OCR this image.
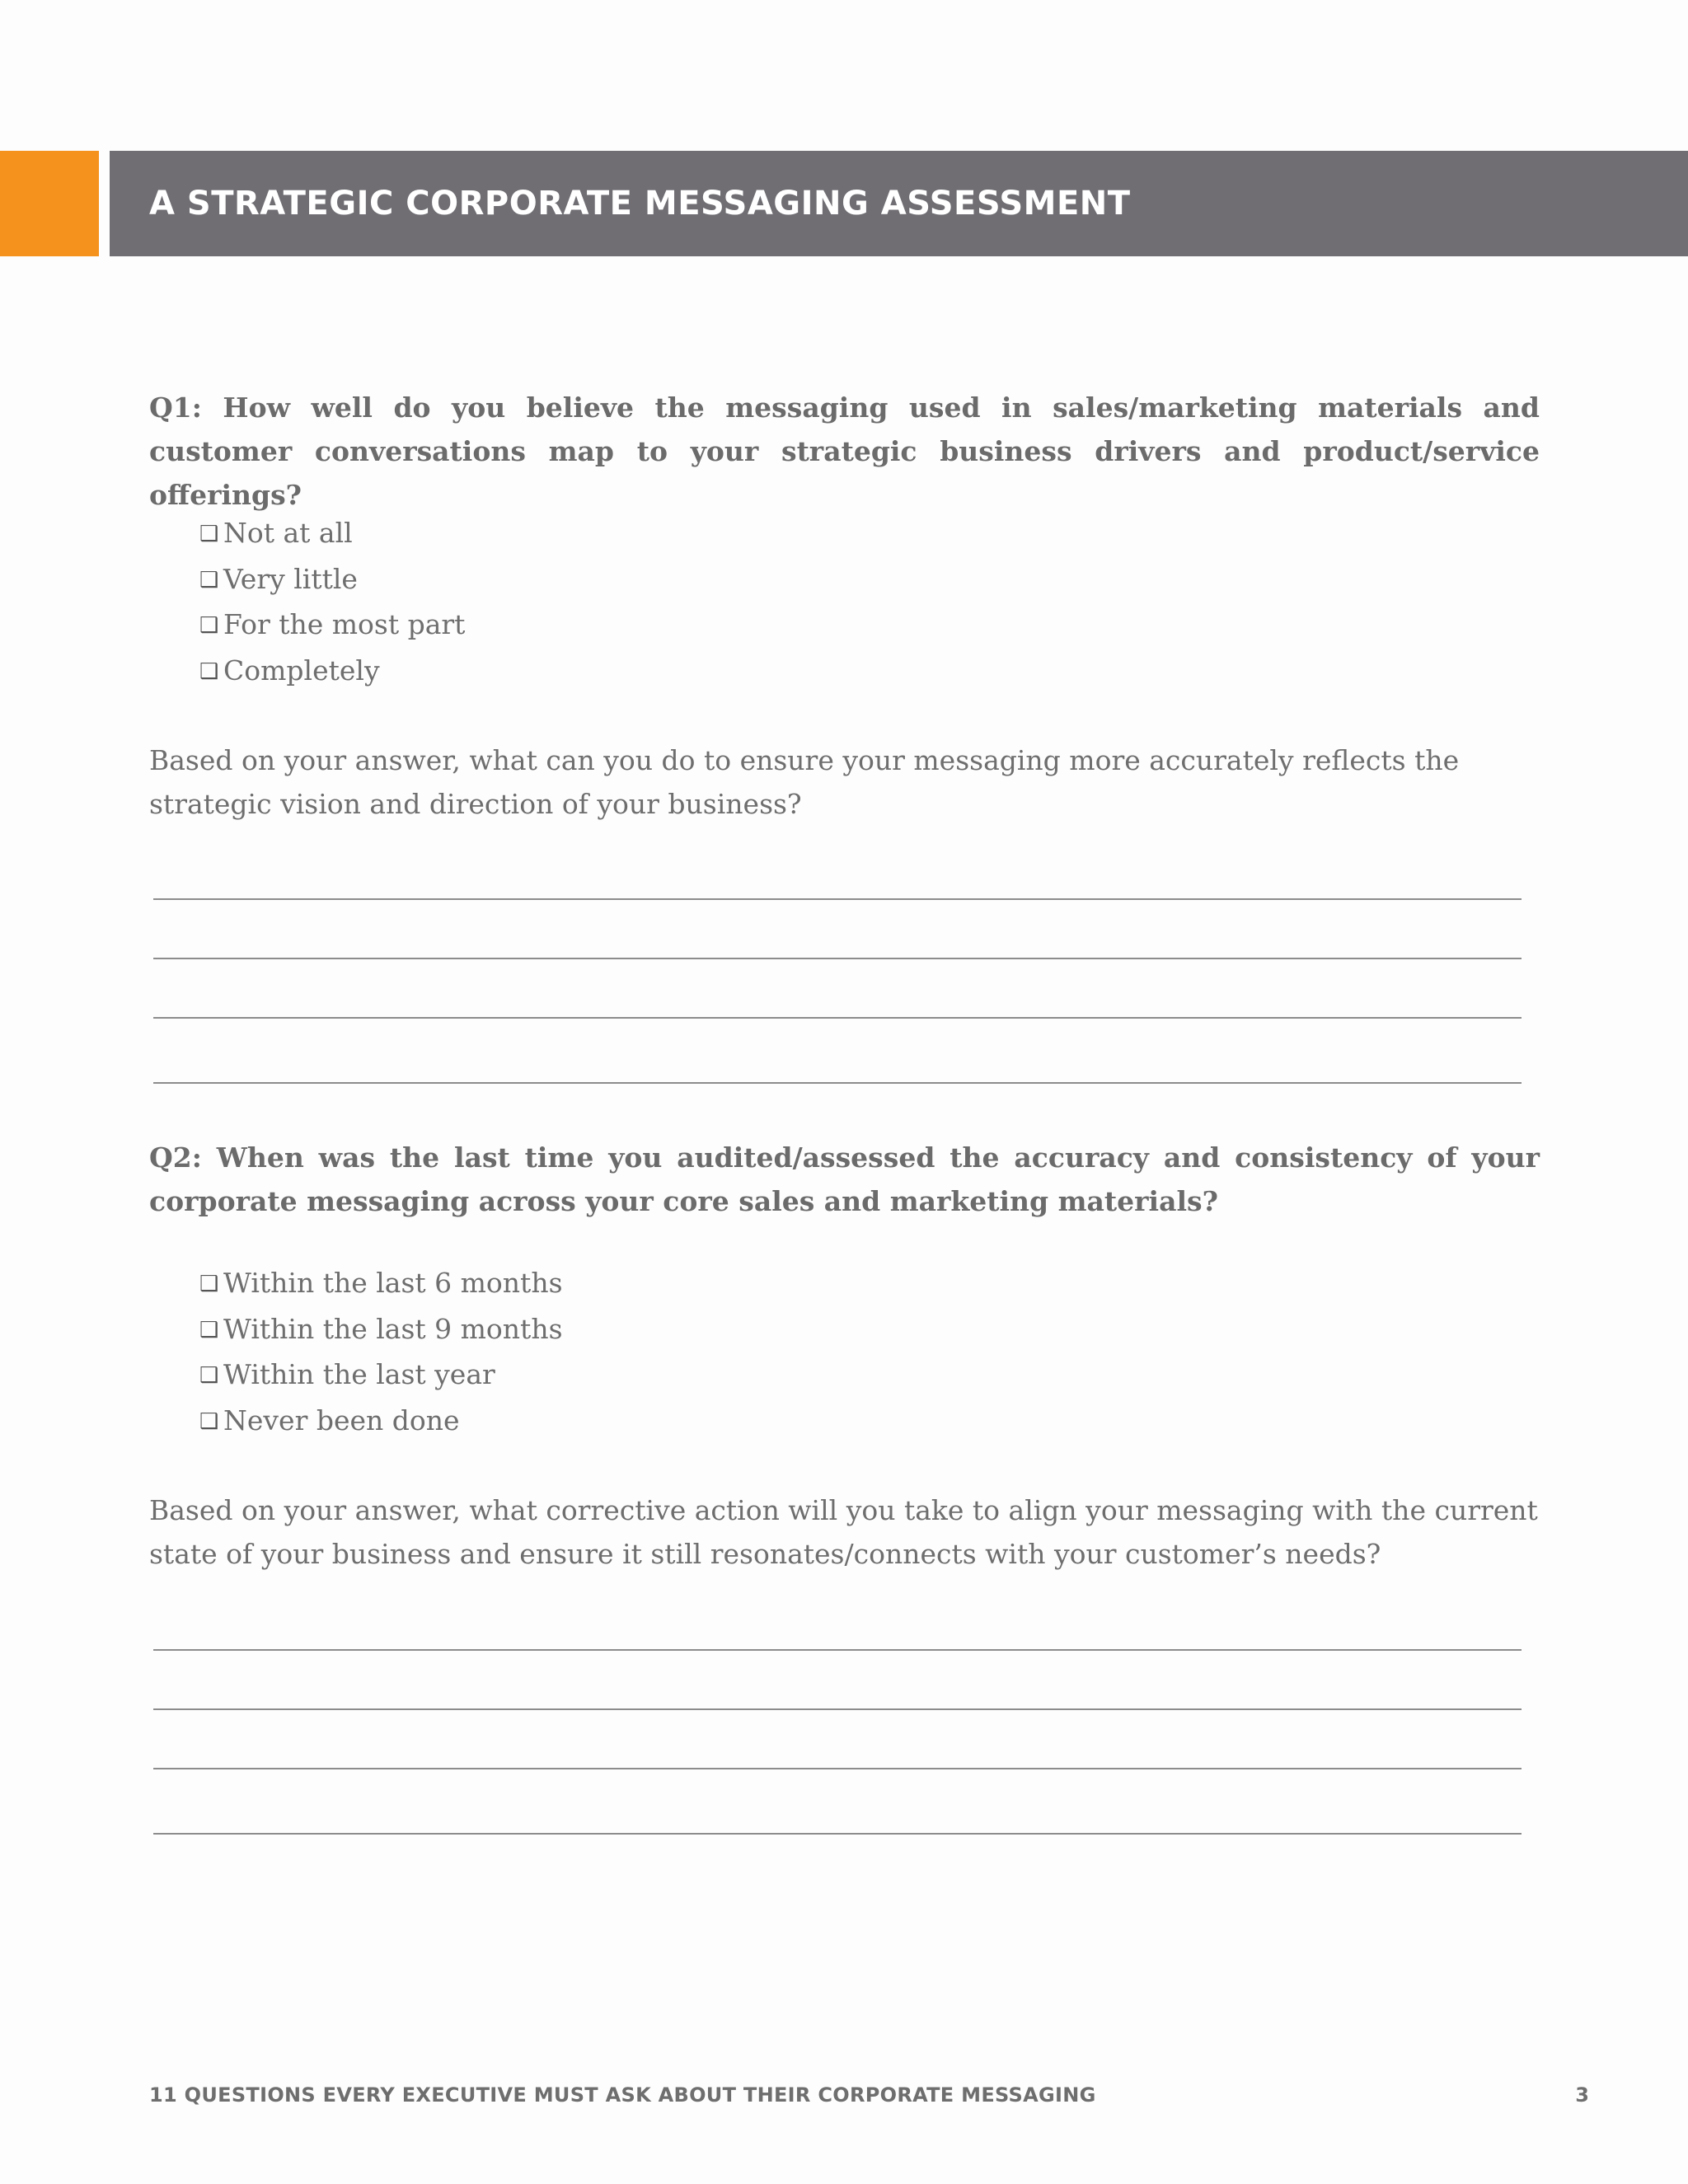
A STRATEGIC CORPORATE MESSAGING ASSESSMENT

Q1: How well do you believe the messaging used in sales/marketing materials and customer conversations map to your strategic business drivers and product/service offerings?

❑ Not at all
❑ Very little
❑ For the most part
❑ Completely

Based on your answer, what can you do to ensure your messaging more accurately reflects the strategic vision and direction of your business?

Q2: When was the last time you audited/assessed the accuracy and consistency of your corporate messaging across your core sales and marketing materials?

❑ Within the last 6 months
❑ Within the last 9 months
❑ Within the last year
❑ Never been done

Based on your answer, what corrective action will you take to align your messaging with the current state of your business and ensure it still resonates/connects with your customer’s needs?

11 QUESTIONS EVERY EXECUTIVE MUST ASK ABOUT THEIR CORPORATE MESSAGING	3
